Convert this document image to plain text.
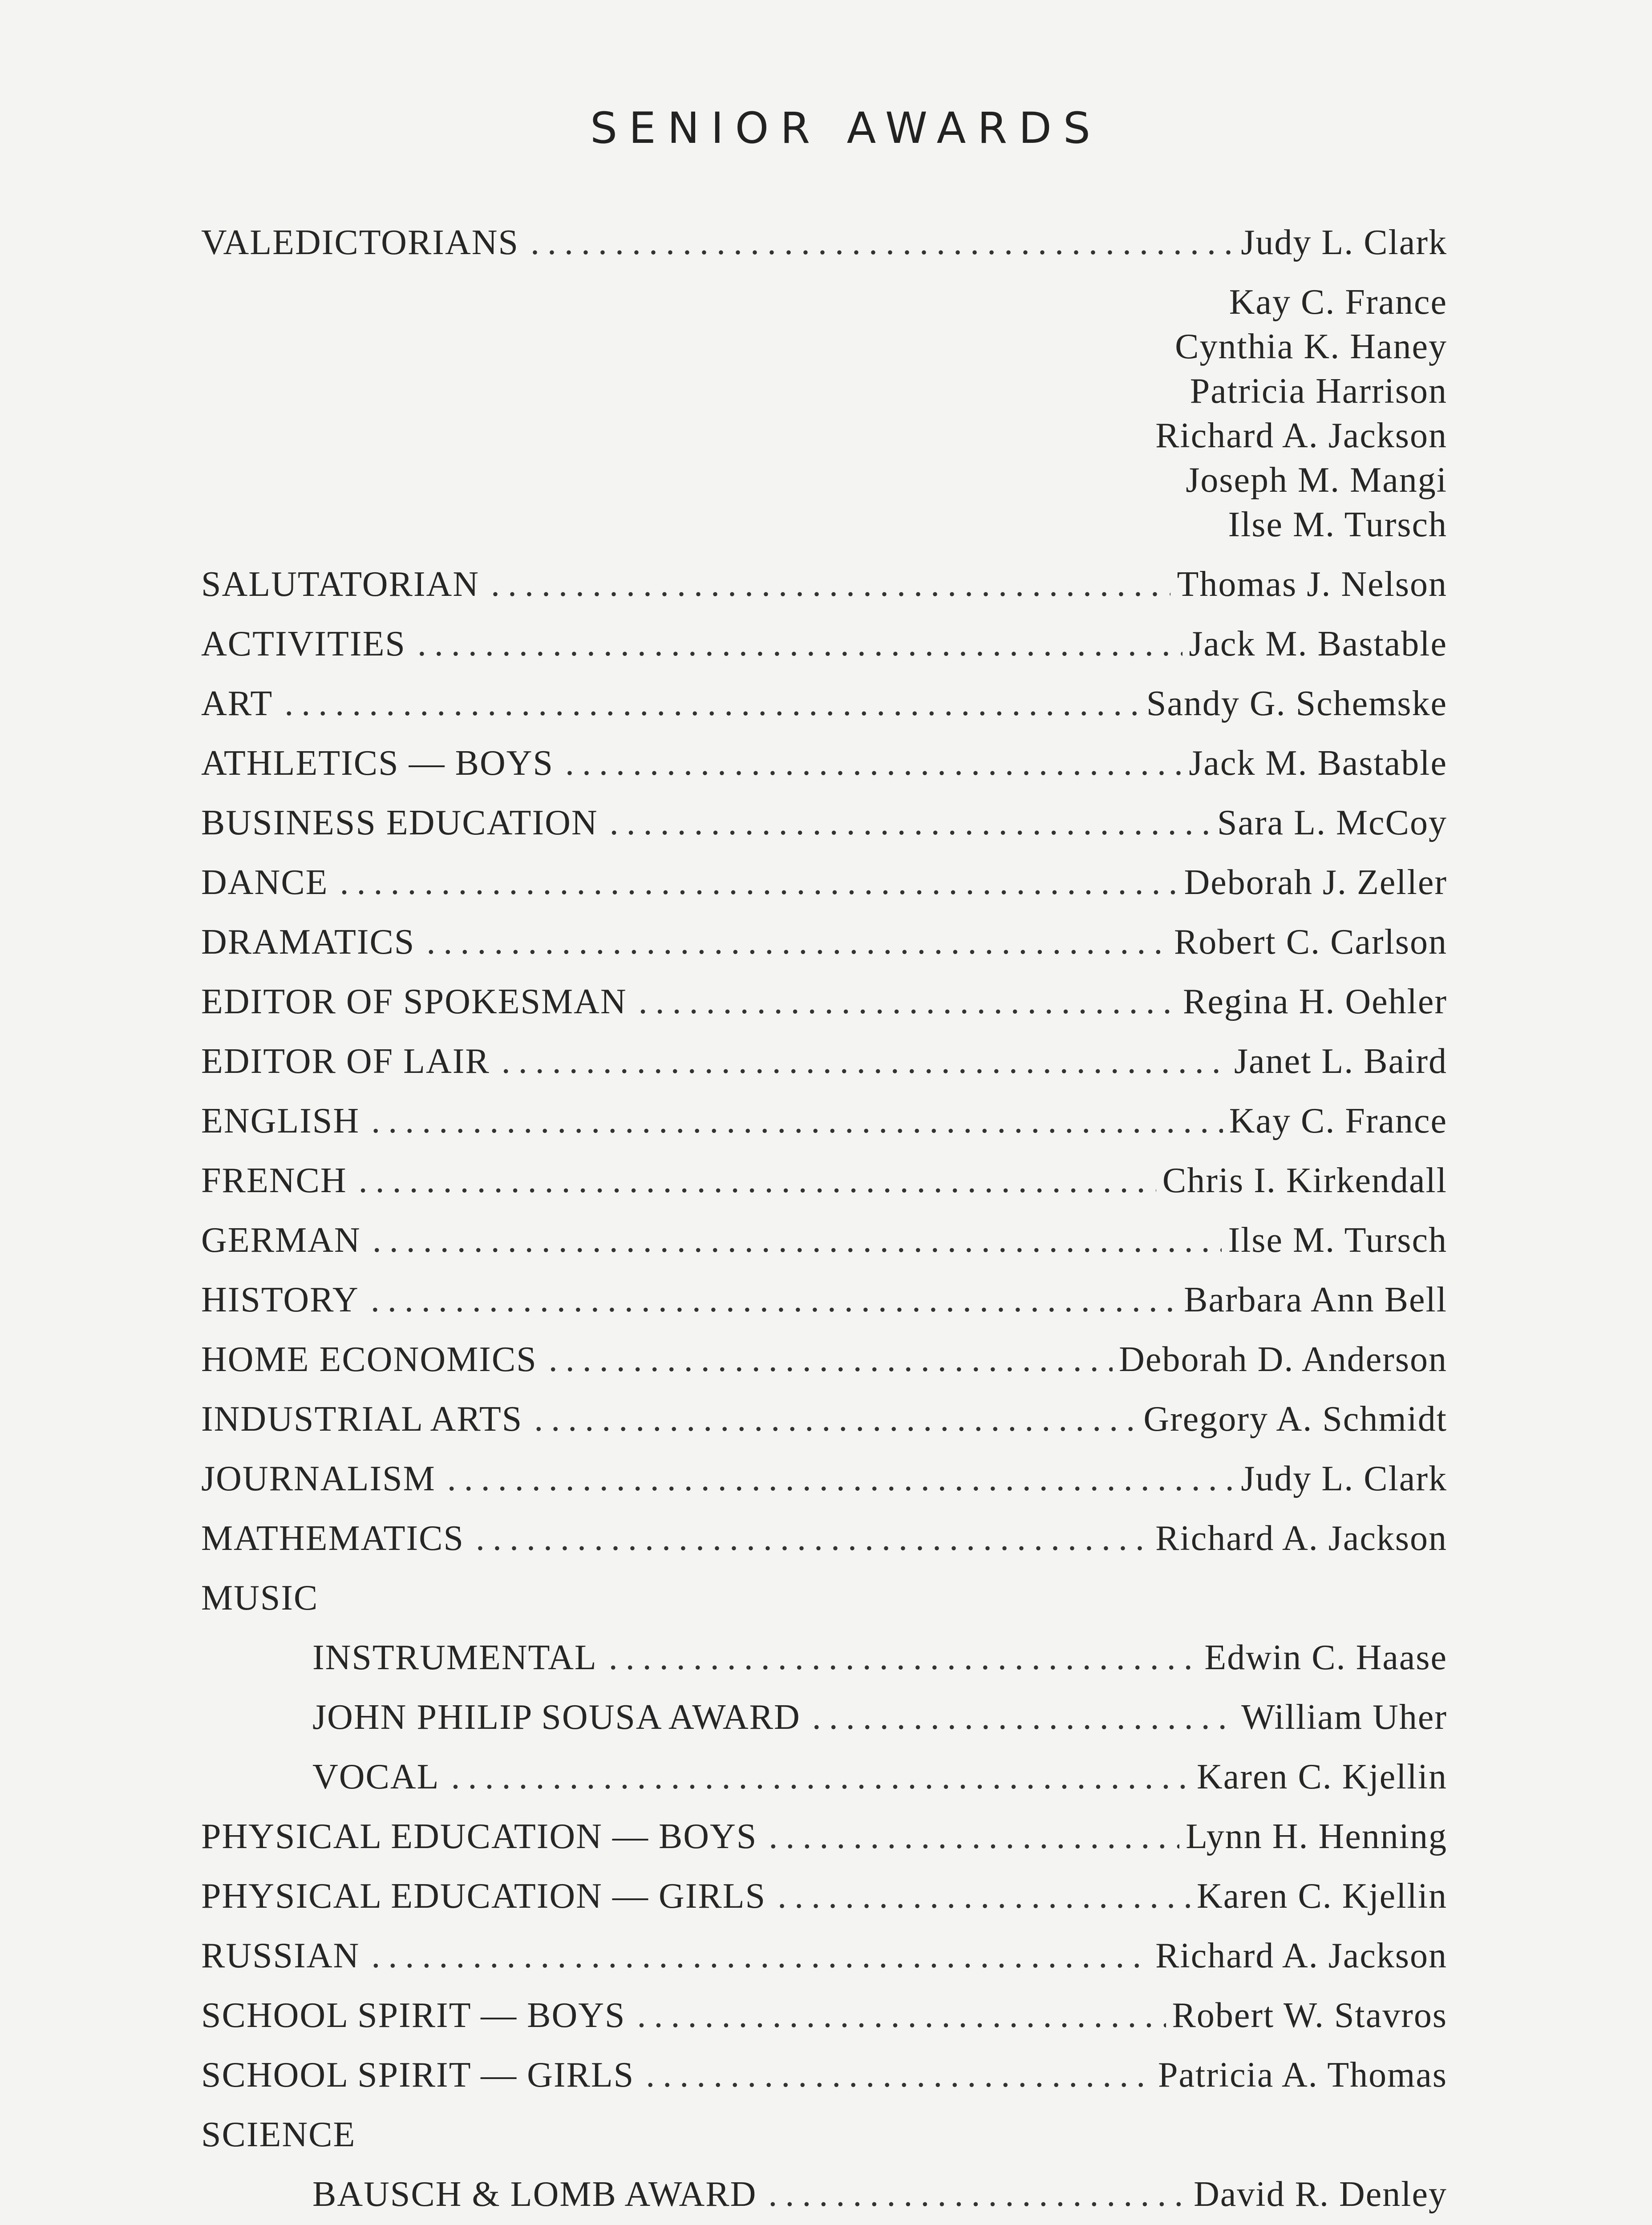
SENIOR AWARDS
VALEDICTORIANS .....	Judy L. Clark
Kay C. France
Cynthia K. Haney
Patricia Harrison
Richard A. Jackson
Joseph M. Mangi
Ilse M. Tursch
SALUTATORIAN .....	Thomas J. Nelson
ACTIVITIES .....	Jack M. Bastable
ART .....	Sandy G. Schemske
ATHLETICS — BOYS .....	Jack M. Bastable
BUSINESS EDUCATION .....	Sara L. McCoy
DANCE .....	Deborah J. Zeller
DRAMATICS .....	Robert C. Carlson
EDITOR OF SPOKESMAN .....	Regina H. Oehler
EDITOR OF LAIR .....	Janet L. Baird
ENGLISH .....	Kay C. France
FRENCH .....	Chris I. Kirkendall
GERMAN .....	Ilse M. Tursch
HISTORY .....	Barbara Ann Bell
HOME ECONOMICS .....	Deborah D. Anderson
INDUSTRIAL ARTS .....	Gregory A. Schmidt
JOURNALISM .....	Judy L. Clark
MATHEMATICS .....	Richard A. Jackson
MUSIC
INSTRUMENTAL .....	Edwin C. Haase
JOHN PHILIP SOUSA AWARD .....	William Uher
VOCAL .....	Karen C. Kjellin
PHYSICAL EDUCATION — BOYS .....	Lynn H. Henning
PHYSICAL EDUCATION — GIRLS .....	Karen C. Kjellin
RUSSIAN .....	Richard A. Jackson
SCHOOL SPIRIT — BOYS .....	Robert W. Stavros
SCHOOL SPIRIT — GIRLS .....	Patricia A. Thomas
SCIENCE
BAUSCH & LOMB AWARD .....	David R. Denley
